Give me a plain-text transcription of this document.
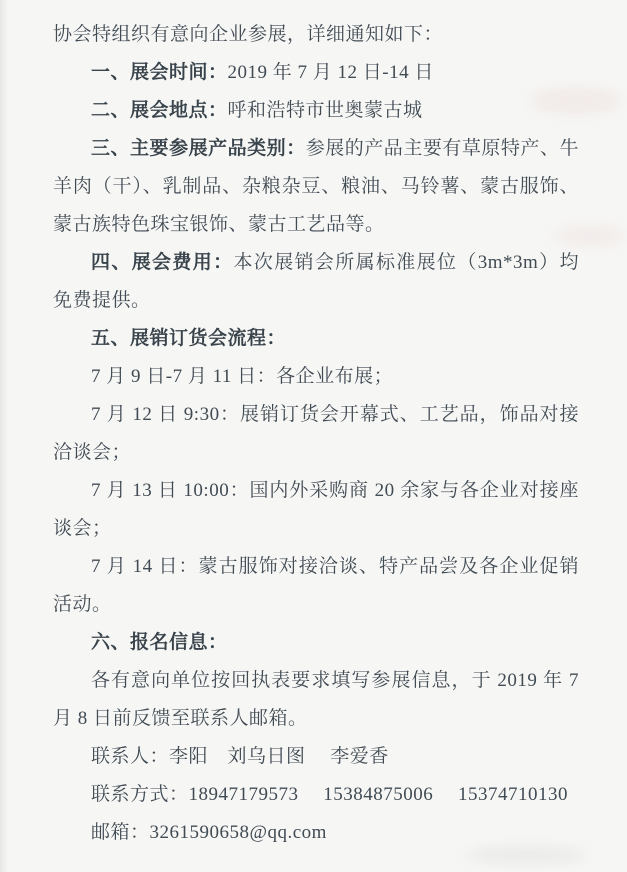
协会特组织有意向企业参展，详细通知如下：

一、展会时间：2019 年 7 月 12 日-14 日

二、展会地点：呼和浩特市世奥蒙古城

三、主要参展产品类别：参展的产品主要有草原特产、牛羊肉（干）、乳制品、杂粮杂豆、粮油、马铃薯、蒙古服饰、蒙古族特色珠宝银饰、蒙古工艺品等。

四、展会费用：本次展销会所属标准展位（3m*3m）均免费提供。

五、展销订货会流程：

7 月 9 日-7 月 11 日：各企业布展；

7 月 12 日 9:30：展销订货会开幕式、工艺品，饰品对接洽谈会；

7 月 13 日 10:00：国内外采购商 20 余家与各企业对接座谈会；

7 月 14 日：蒙古服饰对接洽谈、特产品尝及各企业促销活动。

六、报名信息：

各有意向单位按回执表要求填写参展信息，于 2019 年 7 月 8 日前反馈至联系人邮箱。

联系人：李阳　刘乌日图　 李爱香

联系方式：18947179573　 15384875006　 15374710130

邮箱：3261590658@qq.com
